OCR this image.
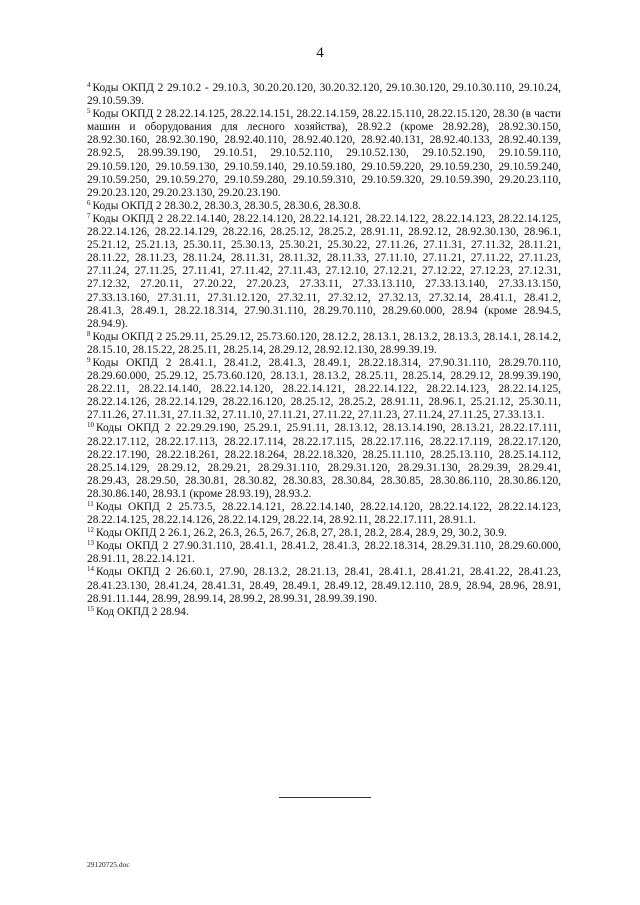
4

$^4$ Коды ОКПД 2 29.10.2 - 29.10.3, 30.20.20.120, 30.20.32.120, 29.10.30.120, 29.10.30.110, 29.10.24, 29.10.59.39.

$^5$ Коды ОКПД 2 28.22.14.125, 28.22.14.151, 28.22.14.159, 28.22.15.110, 28.22.15.120, 28.30 (в части машин и оборудования для лесного хозяйства), 28.92.2 (кроме 28.92.28), 28.92.30.150, 28.92.30.160, 28.92.30.190, 28.92.40.110, 28.92.40.120, 28.92.40.131, 28.92.40.133, 28.92.40.139, 28.92.5, 28.99.39.190, 29.10.51, 29.10.52.110, 29.10.52.130, 29.10.52.190, 29.10.59.110, 29.10.59.120, 29.10.59.130, 29.10.59.140, 29.10.59.180, 29.10.59.220, 29.10.59.230, 29.10.59.240, 29.10.59.250, 29.10.59.270, 29.10.59.280, 29.10.59.310, 29.10.59.320, 29.10.59.390, 29.20.23.110, 29.20.23.120, 29.20.23.130, 29.20.23.190.

$^6$ Коды ОКПД 2 28.30.2, 28.30.3, 28.30.5, 28.30.6, 28.30.8.

$^7$ Коды ОКПД 2 28.22.14.140, 28.22.14.120, 28.22.14.121, 28.22.14.122, 28.22.14.123, 28.22.14.125, 28.22.14.126, 28.22.14.129, 28.22.16, 28.25.12, 28.25.2, 28.91.11, 28.92.12, 28.92.30.130, 28.96.1, 25.21.12, 25.21.13, 25.30.11, 25.30.13, 25.30.21, 25.30.22, 27.11.26, 27.11.31, 27.11.32, 28.11.21, 28.11.22, 28.11.23, 28.11.24, 28.11.31, 28.11.32, 28.11.33, 27.11.10, 27.11.21, 27.11.22, 27.11.23, 27.11.24, 27.11.25, 27.11.41, 27.11.42, 27.11.43, 27.12.10, 27.12.21, 27.12.22, 27.12.23, 27.12.31, 27.12.32, 27.20.11, 27.20.22, 27.20.23, 27.33.11, 27.33.13.110, 27.33.13.140, 27.33.13.150, 27.33.13.160, 27.31.11, 27.31.12.120, 27.32.11, 27.32.12, 27.32.13, 27.32.14, 28.41.1, 28.41.2, 28.41.3, 28.49.1, 28.22.18.314, 27.90.31.110, 28.29.70.110, 28.29.60.000, 28.94 (кроме 28.94.5, 28.94.9).

$^8$ Коды ОКПД 2 25.29.11, 25.29.12, 25.73.60.120, 28.12.2, 28.13.1, 28.13.2, 28.13.3, 28.14.1, 28.14.2, 28.15.10, 28.15.22, 28.25.11, 28.25.14, 28.29.12, 28.92.12.130, 28.99.39.19.

$^9$ Коды ОКПД 2 28.41.1, 28.41.2, 28.41.3, 28.49.1, 28.22.18.314, 27.90.31.110, 28.29.70.110, 28.29.60.000, 25.29.12, 25.73.60.120, 28.13.1, 28.13.2, 28.25.11, 28.25.14, 28.29.12, 28.99.39.190, 28.22.11, 28.22.14.140, 28.22.14.120, 28.22.14.121, 28.22.14.122, 28.22.14.123, 28.22.14.125, 28.22.14.126, 28.22.14.129, 28.22.16.120, 28.25.12, 28.25.2, 28.91.11, 28.96.1, 25.21.12, 25.30.11, 27.11.26, 27.11.31, 27.11.32, 27.11.10, 27.11.21, 27.11.22, 27.11.23, 27.11.24, 27.11.25, 27.33.13.1.

$^{10}$ Коды ОКПД 2 22.29.29.190, 25.29.1, 25.91.11, 28.13.12, 28.13.14.190, 28.13.21, 28.22.17.111, 28.22.17.112, 28.22.17.113, 28.22.17.114, 28.22.17.115, 28.22.17.116, 28.22.17.119, 28.22.17.120, 28.22.17.190, 28.22.18.261, 28.22.18.264, 28.22.18.320, 28.25.11.110, 28.25.13.110, 28.25.14.112, 28.25.14.129, 28.29.12, 28.29.21, 28.29.31.110, 28.29.31.120, 28.29.31.130, 28.29.39, 28.29.41, 28.29.43, 28.29.50, 28.30.81, 28.30.82, 28.30.83, 28.30.84, 28.30.85, 28.30.86.110, 28.30.86.120, 28.30.86.140, 28.93.1 (кроме 28.93.19), 28.93.2.

$^{11}$ Коды ОКПД 2 25.73.5, 28.22.14.121, 28.22.14.140, 28.22.14.120, 28.22.14.122, 28.22.14.123, 28.22.14.125, 28.22.14.126, 28.22.14.129, 28.22.14, 28.92.11, 28.22.17.111, 28.91.1.

$^{12}$ Коды ОКПД 2 26.1, 26.2, 26.3, 26.5, 26.7, 26.8, 27, 28.1, 28.2, 28.4, 28.9, 29, 30.2, 30.9.

$^{13}$ Коды ОКПД 2 27.90.31.110, 28.41.1, 28.41.2, 28.41.3, 28.22.18.314, 28.29.31.110, 28.29.60.000, 28.91.11, 28.22.14.121.

$^{14}$ Коды ОКПД 2 26.60.1, 27.90, 28.13.2, 28.21.13, 28.41, 28.41.1, 28.41.21, 28.41.22, 28.41.23, 28.41.23.130, 28.41.24, 28.41.31, 28.49, 28.49.1, 28.49.12, 28.49.12.110, 28.9, 28.94, 28.96, 28.91, 28.91.11.144, 28.99, 28.99.14, 28.99.2, 28.99.31, 28.99.39.190.

$^{15}$ Код ОКПД 2 28.94.

29120725.doc
